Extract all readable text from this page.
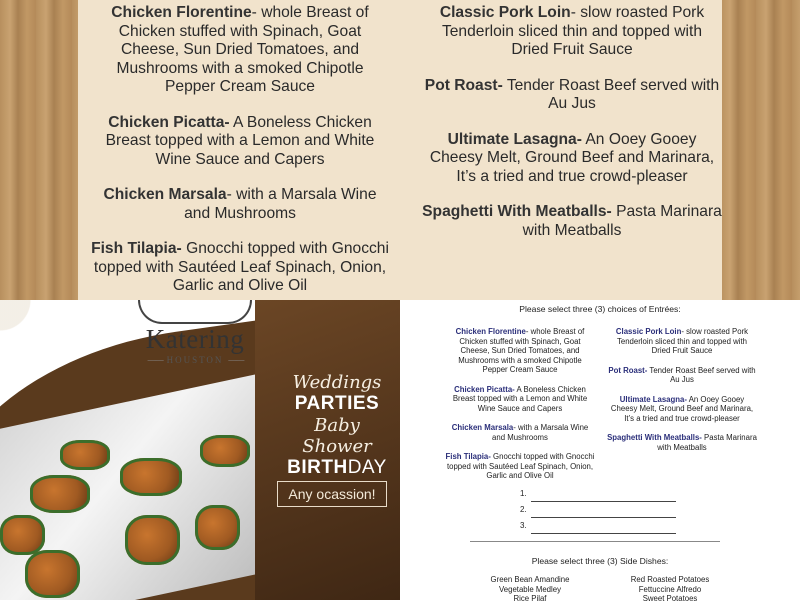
Chicken Florentine- whole Breast of Chicken stuffed with Spinach, Goat Cheese, Sun Dried Tomatoes, and Mushrooms with a smoked Chipotle Pepper Cream Sauce
Chicken Picatta- A Boneless Chicken Breast topped with a Lemon and White Wine Sauce and Capers
Chicken Marsala- with a Marsala Wine and Mushrooms
Fish Tilapia- Gnocchi topped with Gnocchi topped with Sautéed Leaf Spinach, Onion, Garlic and Olive Oil
Classic Pork Loin- slow roasted Pork Tenderloin sliced thin and topped with Dried Fruit Sauce
Pot Roast- Tender Roast Beef served with Au Jus
Ultimate Lasagna- An Ooey Gooey Cheesy Melt, Ground Beef and Marinara, It’s a tried and true crowd-pleaser
Spaghetti With Meatballs- Pasta Marinara with Meatballs
Katering
—— HOUSTON ——
Weddings
PARTIES
Baby Shower
BIRTHDAY
Any ocassion!
Please select three (3) choices of Entrées:
Chicken Florentine- whole Breast of Chicken stuffed with Spinach, Goat Cheese, Sun Dried Tomatoes, and Mushrooms with a smoked Chipotle Pepper Cream Sauce
Chicken Picatta- A Boneless Chicken Breast topped with a Lemon and White Wine Sauce and Capers
Chicken Marsala- with a Marsala Wine and Mushrooms
Fish Tilapia- Gnocchi topped with Gnocchi topped with Sautéed Leaf Spinach, Onion, Garlic and Olive Oil
Classic Pork Loin- slow roasted Pork Tenderloin sliced thin and topped with Dried Fruit Sauce
Pot Roast- Tender Roast Beef served with Au Jus
Ultimate Lasagna- An Ooey Gooey Cheesy Melt, Ground Beef and Marinara, It’s a tried and true crowd-pleaser
Spaghetti With Meatballs- Pasta Marinara with Meatballs
1.
2.
3.
Please select three (3) Side Dishes:
Green Bean Amandine
Vegetable Medley
Rice Pilaf
Red Roasted Potatoes
Fettuccine Alfredo
Sweet Potatoes
